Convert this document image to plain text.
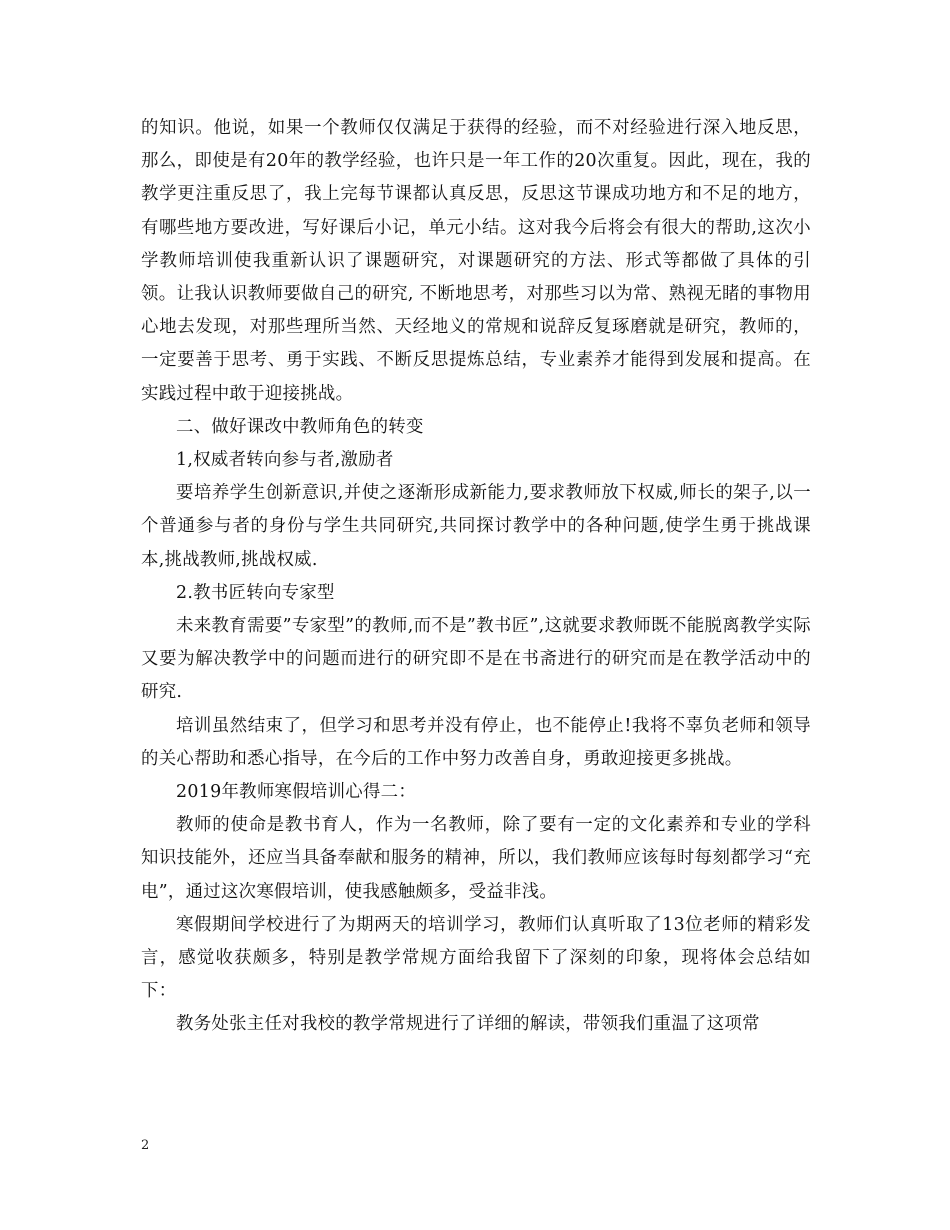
的知识。他说，如果一个教师仅仅满足于获得的经验，而不对经验进行深入地反思，那么，即使是有20年的教学经验，也许只是一年工作的20次重复。因此，现在，我的教学更注重反思了，我上完每节课都认真反思，反思这节课成功地方和不足的地方，有哪些地方要改进，写好课后小记，单元小结。这对我今后将会有很大的帮助,这次小学教师培训使我重新认识了课题研究，对课题研究的方法、形式等都做了具体的引领。让我认识教师要做自己的研究, 不断地思考，对那些习以为常、熟视无睹的事物用心地去发现，对那些理所当然、天经地义的常规和说辞反复琢磨就是研究，教师的，一定要善于思考、勇于实践、不断反思提炼总结，专业素养才能得到发展和提高。在实践过程中敢于迎接挑战。

二、做好课改中教师角色的转变

1,权威者转向参与者,激励者

要培养学生创新意识,并使之逐渐形成新能力,要求教师放下权威,师长的架子,以一个普通参与者的身份与学生共同研究,共同探讨教学中的各种问题,使学生勇于挑战课本,挑战教师,挑战权威.

2.教书匠转向专家型

未来教育需要”专家型”的教师,而不是”教书匠”,这就要求教师既不能脱离教学实际又要为解决教学中的问题而进行的研究即不是在书斋进行的研究而是在教学活动中的研究.

培训虽然结束了，但学习和思考并没有停止，也不能停止!我将不辜负老师和领导的关心帮助和悉心指导，在今后的工作中努力改善自身，勇敢迎接更多挑战。

2019年教师寒假培训心得二：

教师的使命是教书育人，作为一名教师，除了要有一定的文化素养和专业的学科知识技能外，还应当具备奉献和服务的精神，所以，我们教师应该每时每刻都学习“充电”，通过这次寒假培训，使我感触颇多，受益非浅。

寒假期间学校进行了为期两天的培训学习，教师们认真听取了13位老师的精彩发言，感觉收获颇多，特别是教学常规方面给我留下了深刻的印象，现将体会总结如下：

教务处张主任对我校的教学常规进行了详细的解读，带领我们重温了这项常

2
